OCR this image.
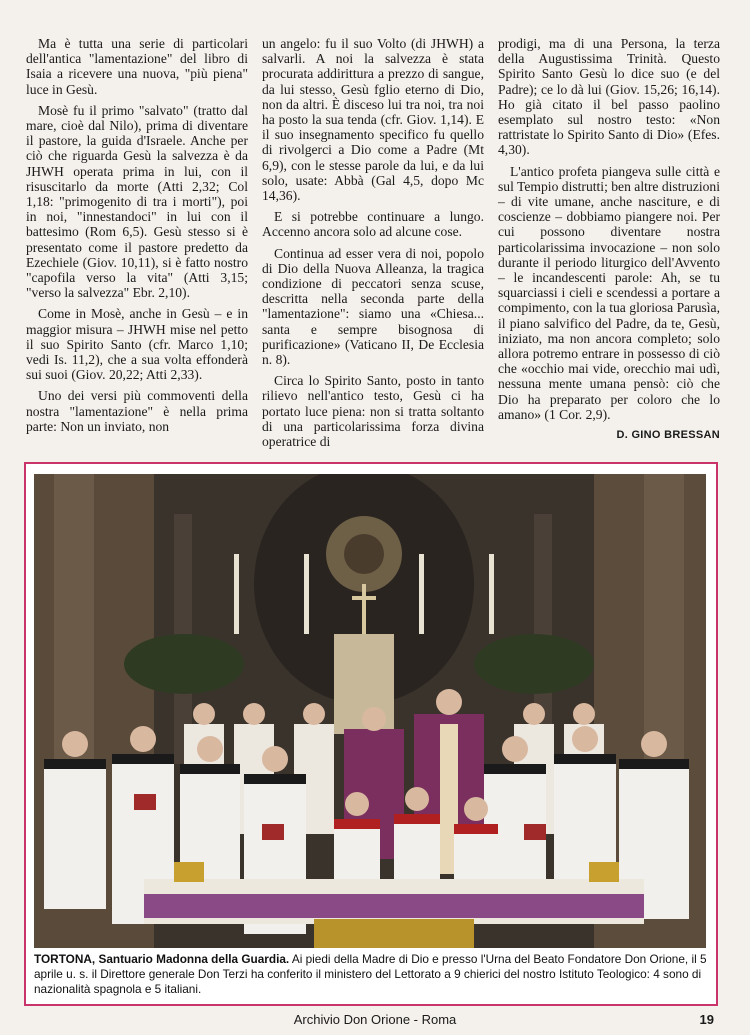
Ma è tutta una serie di particolari dell'antica "lamentazione" del libro di Isaia a ricevere una nuova, "più piena" luce in Gesù.

Mosè fu il primo "salvato" (tratto dal mare, cioè dal Nilo), prima di diventare il pastore, la guida d'Israele. Anche per ciò che riguarda Gesù la salvezza è da JHWH operata prima in lui, con il risuscitarlo da morte (Atti 2,32; Col 1,18: "primogenito di tra i morti"), poi in noi, "innestandoci" in lui con il battesimo (Rom 6,5). Gesù stesso si è presentato come il pastore predetto da Ezechiele (Giov. 10,11), si è fatto nostro "capofila verso la vita" (Atti 3,15; "verso la salvezza" Ebr. 2,10).

Come in Mosè, anche in Gesù – e in maggior misura – JHWH mise nel petto il suo Spirito Santo (cfr. Marco 1,10; vedi Is. 11,2), che a sua volta effonderà sui suoi (Giov. 20,22; Atti 2,33).

Uno dei versi più commoventi della nostra "lamentazione" è nella prima parte: Non un inviato, non

un angelo: fu il suo Volto (di JHWH) a salvarli. A noi la salvezza è stata procurata addirittura a prezzo di sangue, da lui stesso, Gesù fglio eterno di Dio, non da altri. È disceso lui tra noi, tra noi ha posto la sua tenda (cfr. Giov. 1,14). E il suo insegnamento specifico fu quello di rivolgerci a Dio come a Padre (Mt 6,9), con le stesse parole da lui, e da lui solo, usate: Abbà (Gal 4,5, dopo Mc 14,36).

E si potrebbe continuare a lungo. Accenno ancora solo ad alcune cose.

Continua ad esser vera di noi, popolo di Dio della Nuova Alleanza, la tragica condizione di peccatori senza scuse, descritta nella seconda parte della "lamentazione": siamo una «Chiesa... santa e sempre bisognosa di purificazione» (Vaticano II, De Ecclesia n. 8).

Circa lo Spirito Santo, posto in tanto rilievo nell'antico testo, Gesù ci ha portato luce piena: non si tratta soltanto di una particolarissima forza divina operatrice di

prodigi, ma di una Persona, la terza della Augustissima Trinità. Questo Spirito Santo Gesù lo dice suo (e del Padre); ce lo dà lui (Giov. 15,26; 16,14). Ho già citato il bel passo paolino esemplato sul nostro testo: «Non rattristate lo Spirito Santo di Dio» (Efes. 4,30).

L'antico profeta piangeva sulle città e sul Tempio distrutti; ben altre distruzioni – di vite umane, anche nasciture, e di coscienze – dobbiamo piangere noi. Per cui possono diventare nostra particolarissima invocazione – non solo durante il periodo liturgico dell'Avvento – le incandescenti parole: Ah, se tu squarciassi i cieli e scendessi a portare a compimento, con la tua gloriosa Parusìa, il piano salvifico del Padre, da te, Gesù, iniziato, ma non ancora completo; solo allora potremo entrare in possesso di ciò che «occhio mai vide, orecchio mai udì, nessuna mente umana pensò: ciò che Dio ha preparato per coloro che lo amano» (1 Cor. 2,9).

D. GINO BRESSAN
TORTONA, Santuario Madonna della Guardia. Ai piedi della Madre di Dio e presso l'Urna del Beato Fondatore Don Orione, il 5 aprile u. s. il Direttore generale Don Terzi ha conferito il ministero del Lettorato a 9 chierici del nostro Istituto Teologico: 4 sono di nazionalità spagnola e 5 italiani.
Archivio Don Orione - Roma	19
